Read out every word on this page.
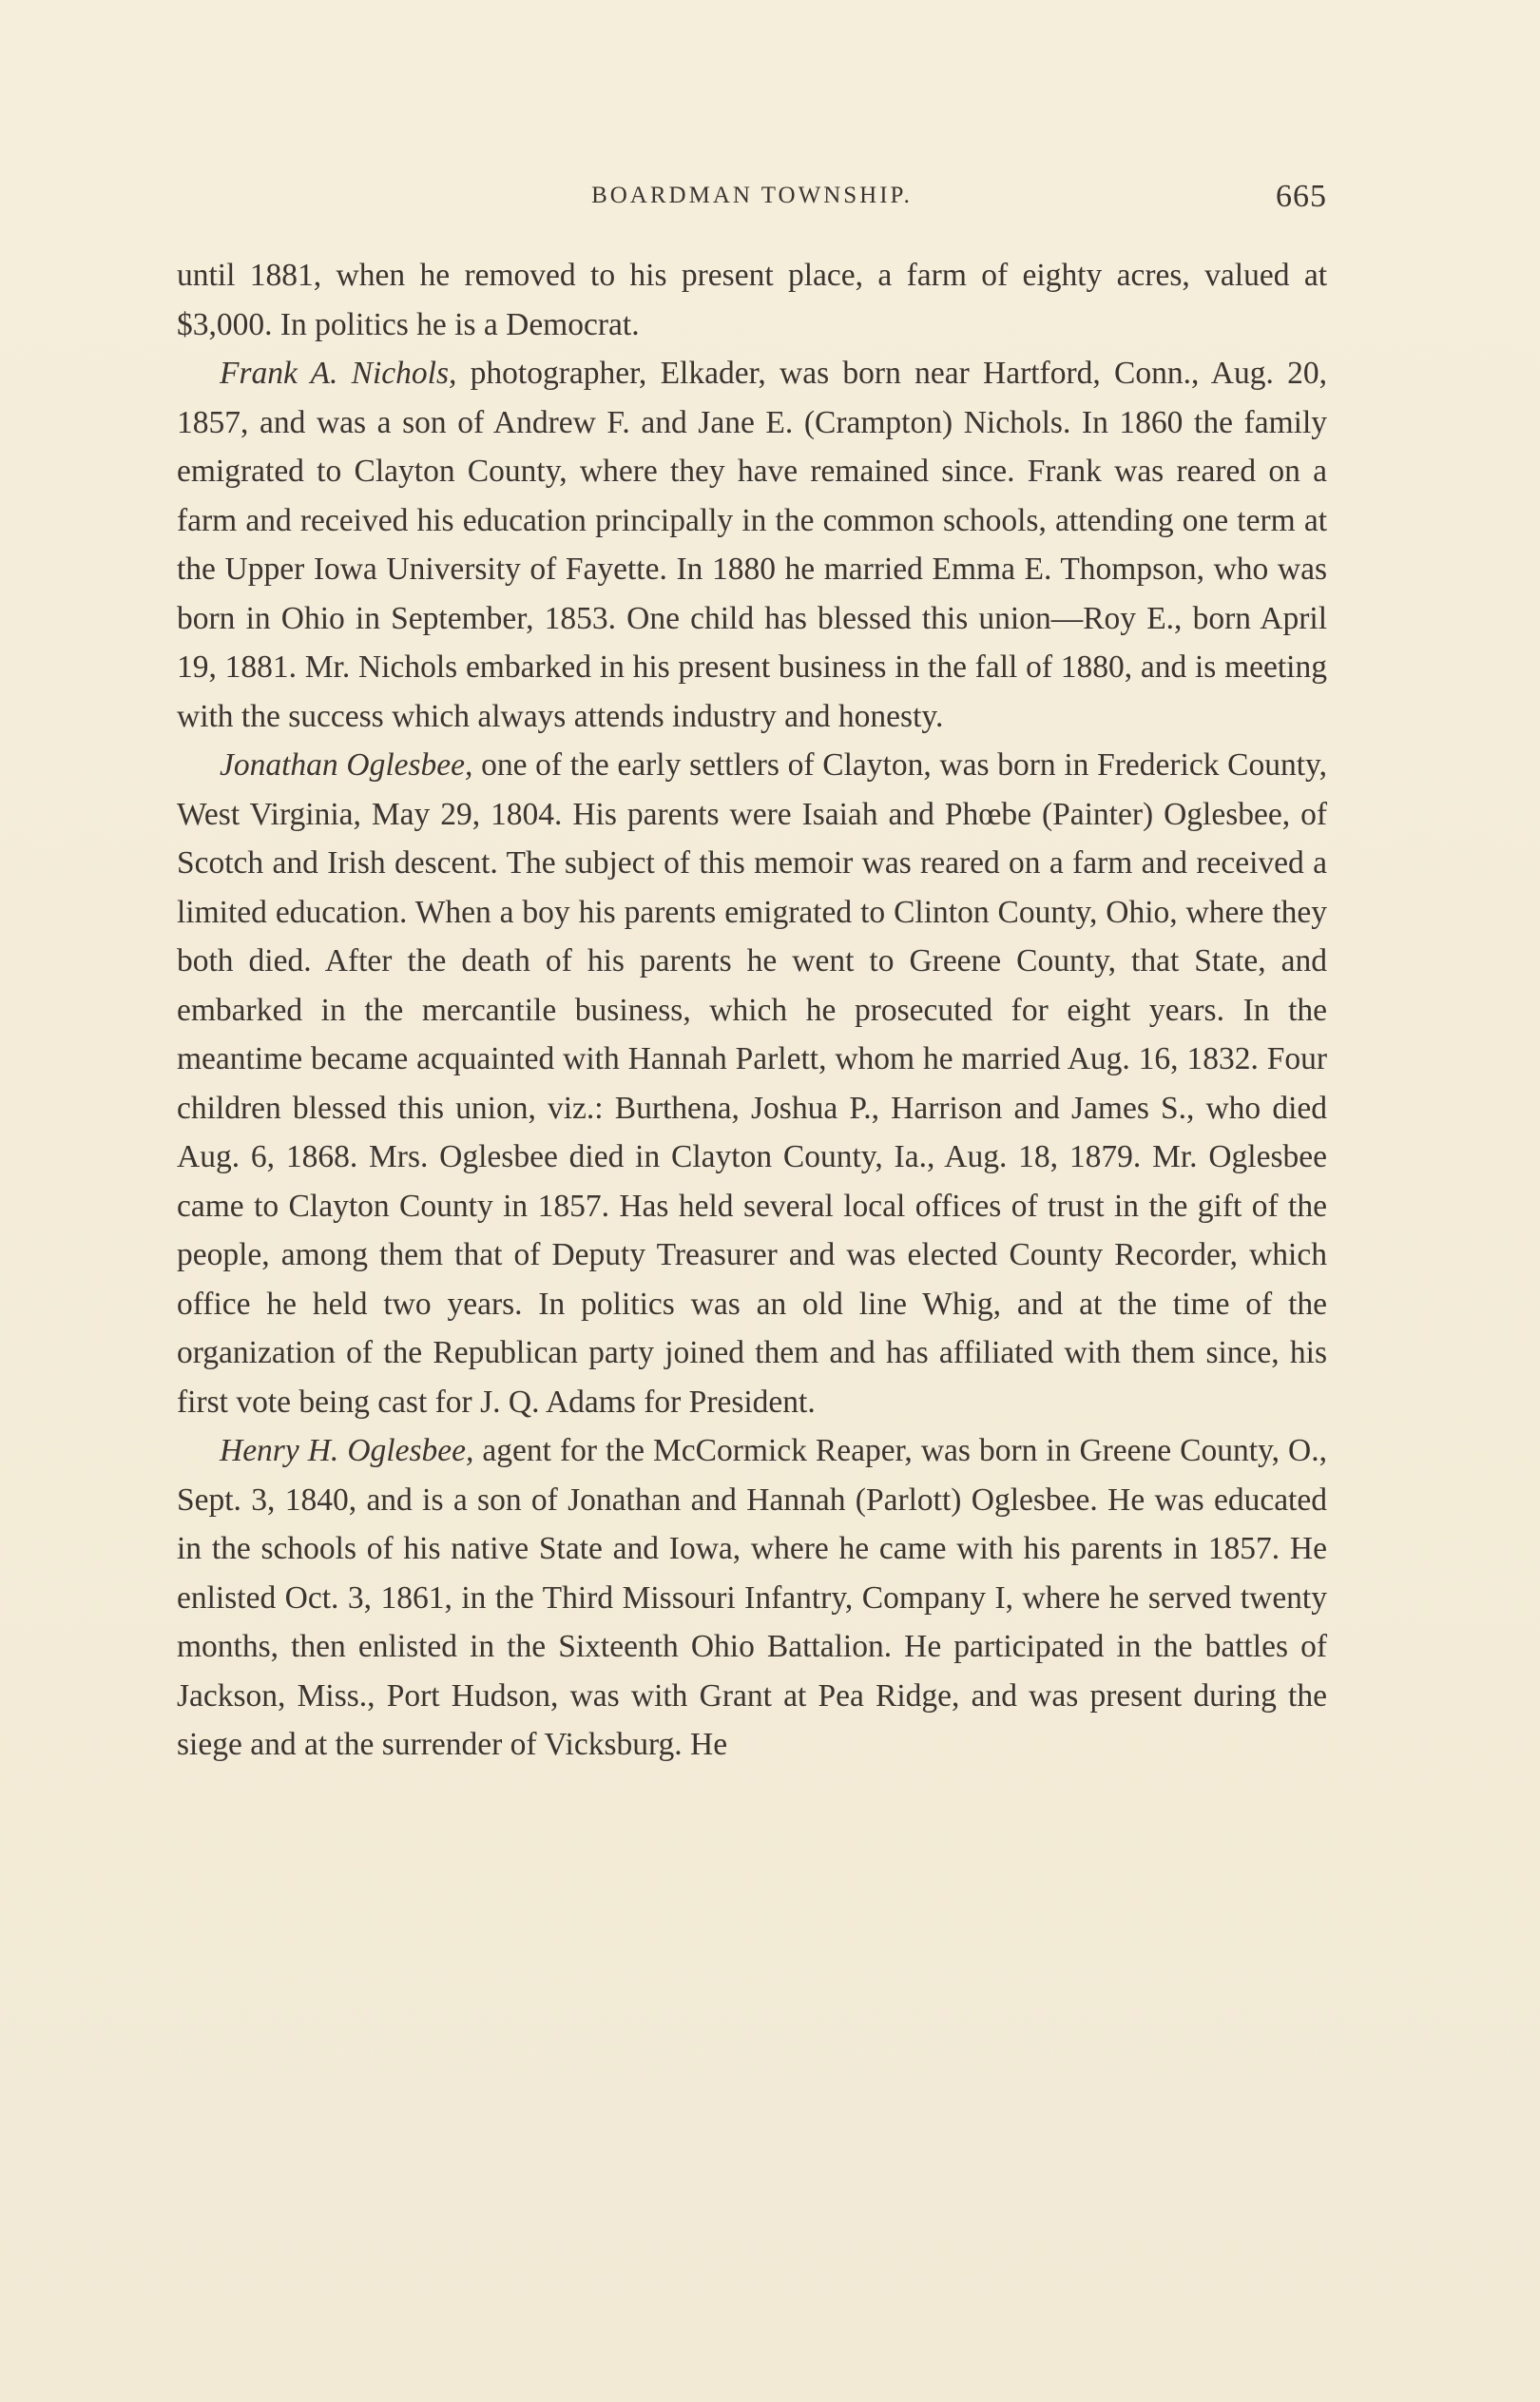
BOARDMAN TOWNSHIP.	665

until 1881, when he removed to his present place, a farm of eighty acres, valued at $3,000. In politics he is a Democrat.

Frank A. Nichols, photographer, Elkader, was born near Hartford, Conn., Aug. 20, 1857, and was a son of Andrew F. and Jane E. (Crampton) Nichols. In 1860 the family emigrated to Clayton County, where they have remained since. Frank was reared on a farm and received his education principally in the common schools, attending one term at the Upper Iowa University of Fayette. In 1880 he married Emma E. Thompson, who was born in Ohio in September, 1853. One child has blessed this union—Roy E., born April 19, 1881. Mr. Nichols embarked in his present business in the fall of 1880, and is meeting with the success which always attends industry and honesty.

Jonathan Oglesbee, one of the early settlers of Clayton, was born in Frederick County, West Virginia, May 29, 1804. His parents were Isaiah and Phœbe (Painter) Oglesbee, of Scotch and Irish descent. The subject of this memoir was reared on a farm and received a limited education. When a boy his parents emigrated to Clinton County, Ohio, where they both died. After the death of his parents he went to Greene County, that State, and embarked in the mercantile business, which he prosecuted for eight years. In the meantime became acquainted with Hannah Parlett, whom he married Aug. 16, 1832. Four children blessed this union, viz.: Burthena, Joshua P., Harrison and James S., who died Aug. 6, 1868. Mrs. Oglesbee died in Clayton County, Ia., Aug. 18, 1879. Mr. Oglesbee came to Clayton County in 1857. Has held several local offices of trust in the gift of the people, among them that of Deputy Treasurer and was elected County Recorder, which office he held two years. In politics was an old line Whig, and at the time of the organization of the Republican party joined them and has affiliated with them since, his first vote being cast for J. Q. Adams for President.

Henry H. Oglesbee, agent for the McCormick Reaper, was born in Greene County, O., Sept. 3, 1840, and is a son of Jonathan and Hannah (Parlott) Oglesbee. He was educated in the schools of his native State and Iowa, where he came with his parents in 1857. He enlisted Oct. 3, 1861, in the Third Missouri Infantry, Company I, where he served twenty months, then enlisted in the Sixteenth Ohio Battalion. He participated in the battles of Jackson, Miss., Port Hudson, was with Grant at Pea Ridge, and was present during the siege and at the surrender of Vicksburg. He
